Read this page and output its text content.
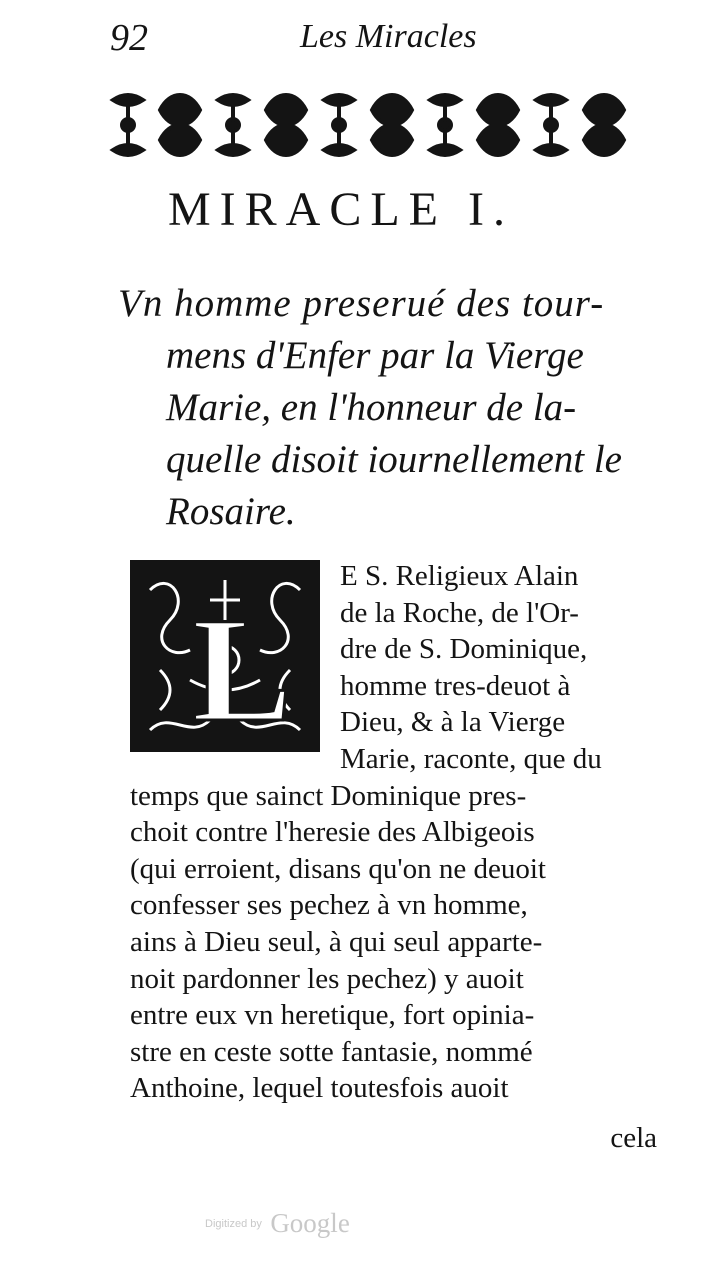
92	Les Miracles
MIRACLE I.
Vn homme preserué des tour-
mens d'Enfer par la Vierge
Marie, en l'honneur de la-
quelle disoit iournellement le
Rosaire.
L
E S. Religieux Alain
de la Roche, de l'Or-
dre de S. Dominique,
homme tres-deuot à
Dieu, & à la Vierge
Marie, raconte, que du
temps que sainct Dominique pres-
choit contre l'heresie des Albigeois
(qui erroient, disans qu'on ne deuoit
confesser ses pechez à vn homme,
ains à Dieu seul, à qui seul apparte-
noit pardonner les pechez) y auoit
entre eux vn heretique, fort opinia-
stre en ceste sotte fantasie, nommé
Anthoine, lequel toutesfois auoit
cela
Digitized by Google
